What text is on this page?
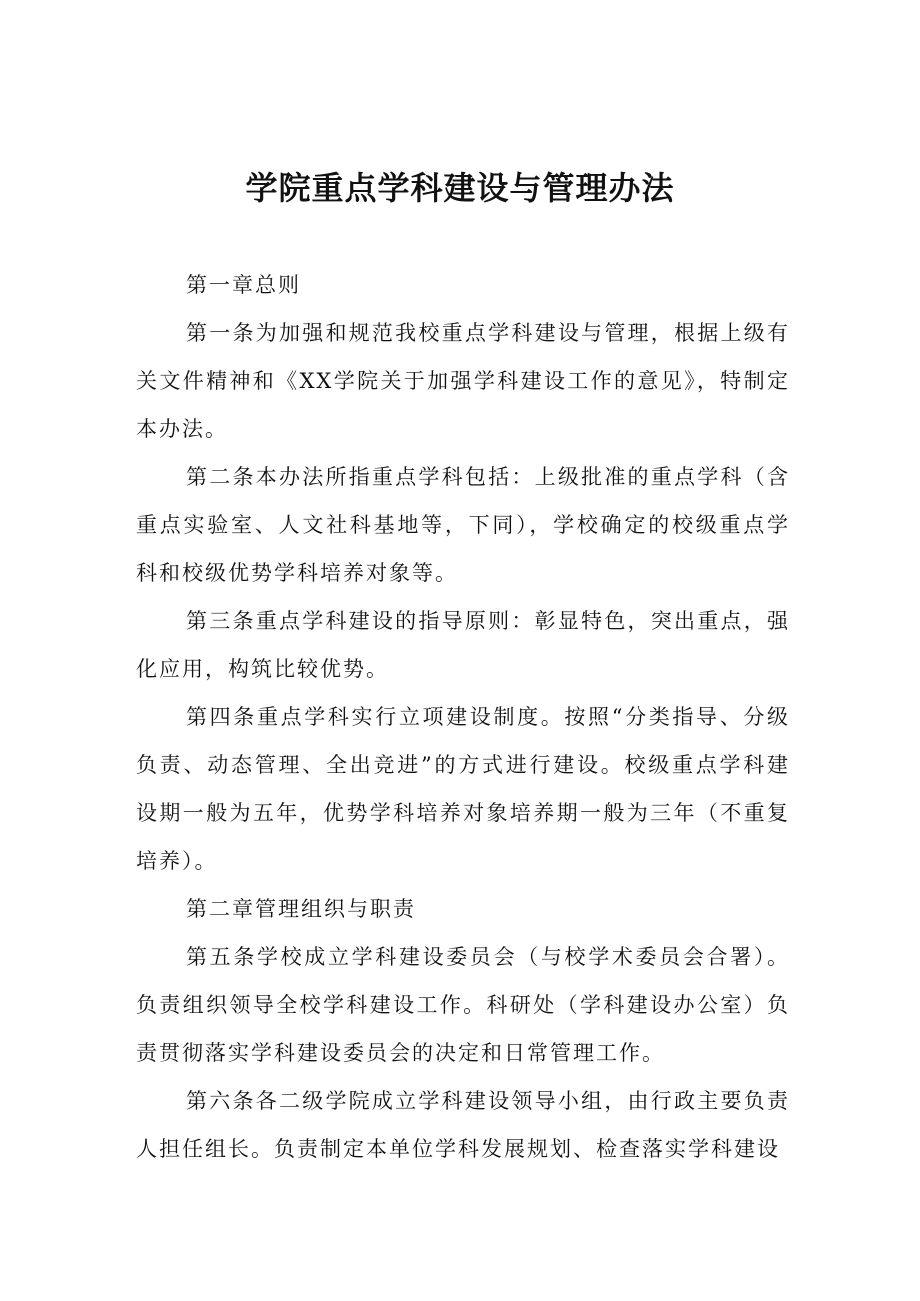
学院重点学科建设与管理办法

第一章总则

第一条为加强和规范我校重点学科建设与管理，根据上级有关文件精神和《XX学院关于加强学科建设工作的意见》，特制定本办法。

第二条本办法所指重点学科包括：上级批准的重点学科（含重点实验室、人文社科基地等，下同），学校确定的校级重点学科和校级优势学科培养对象等。

第三条重点学科建设的指导原则：彰显特色，突出重点，强化应用，构筑比较优势。

第四条重点学科实行立项建设制度。按照“分类指导、分级负责、动态管理、全出竞进”的方式进行建设。校级重点学科建设期一般为五年，优势学科培养对象培养期一般为三年（不重复培养）。

第二章管理组织与职责

第五条学校成立学科建设委员会（与校学术委员会合署）。负责组织领导全校学科建设工作。科研处（学科建设办公室）负责贯彻落实学科建设委员会的决定和日常管理工作。

第六条各二级学院成立学科建设领导小组，由行政主要负责人担任组长。负责制定本单位学科发展规划、检查落实学科建设
